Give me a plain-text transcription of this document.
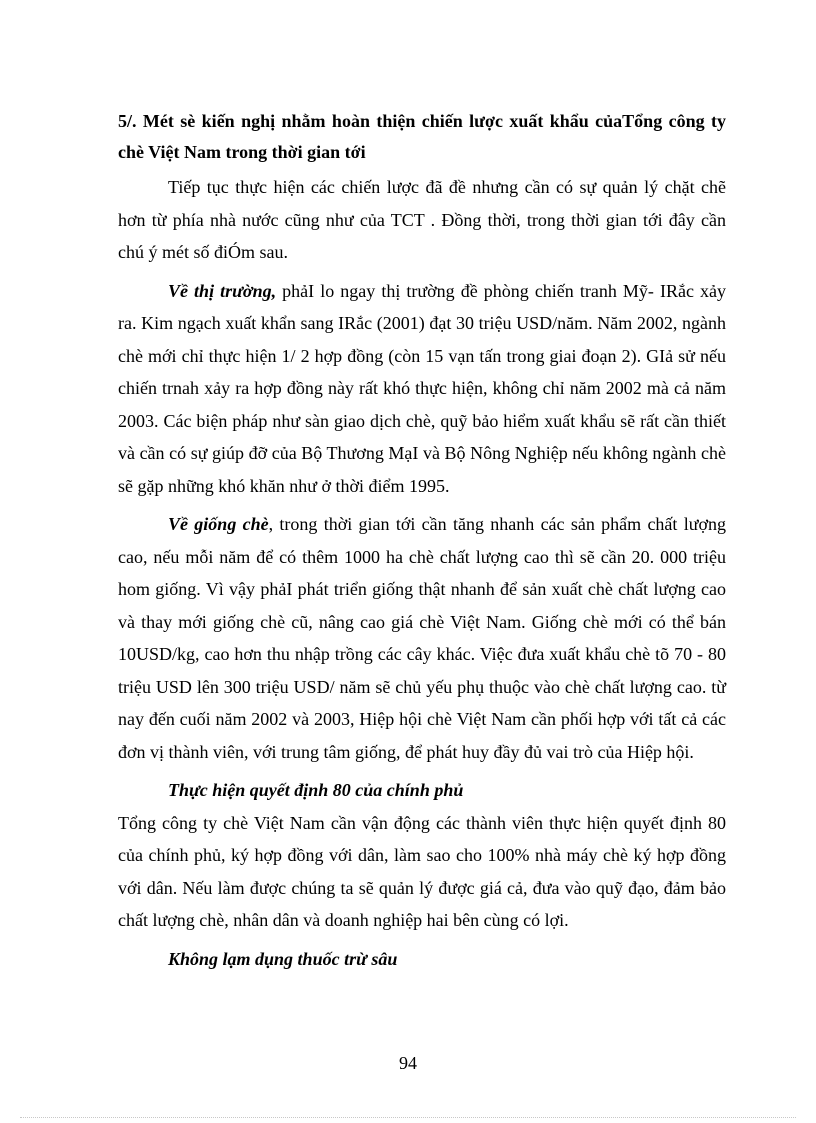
5/. Mét sè kiến nghị nhằm hoàn thiện chiến lược xuất khẩu củaTổng công ty chè Việt Nam trong thời gian tới

Tiếp tục thực hiện các chiến lược đã đề nhưng cần có sự quản lý chặt chẽ hơn từ phía nhà nước cũng như của TCT . Đồng thời, trong thời gian tới đây cần chú ý mét số điÓm sau.

Về thị trường, phảI lo ngay thị trường đề phòng chiến tranh Mỹ- IRắc xảy ra. Kim ngạch xuất khẩn sang IRắc (2001) đạt 30 triệu USD/năm. Năm 2002, ngành chè mới chỉ thực hiện 1/ 2 hợp đồng (còn 15 vạn tấn trong giai đoạn 2). GIả sử nếu chiến trnah xảy ra hợp đồng này rất khó thực hiện, không chỉ năm 2002 mà cả năm 2003. Các biện pháp như sàn giao dịch chè, quỹ bảo hiểm xuất khẩu sẽ rất cần thiết và cần có sự giúp đỡ của Bộ Thương MạI và Bộ Nông Nghiệp nếu không ngành chè sẽ gặp những khó khăn như ở thời điểm 1995.

Về giống chè, trong thời gian tới cần tăng nhanh các sản phẩm chất lượng cao, nếu mỗi năm để có thêm 1000 ha chè chất lượng cao thì sẽ cần 20. 000 triệu hom giống. Vì vậy phảI phát triển giống thật nhanh để sản xuất chè chất lượng cao và thay mới giống chè cũ, nâng cao giá chè Việt Nam. Giống chè mới có thể bán 10USD/kg, cao hơn thu nhập trồng các cây khác. Việc đưa xuất khẩu chè tõ 70 - 80 triệu USD lên 300 triệu USD/ năm sẽ chủ yếu phụ thuộc vào chè chất lượng cao. từ nay đến cuối năm 2002 và 2003, Hiệp hội chè Việt Nam cần phối hợp với tất cả các đơn vị thành viên, với trung tâm giống, để phát huy đầy đủ vai trò của Hiệp hội.

Thực hiện quyết định 80 của chính phủ

Tổng công ty chè Việt Nam cần vận động các thành viên thực hiện quyết định 80 của chính phủ, ký hợp đồng với dân, làm sao cho 100% nhà máy chè ký hợp đồng với dân. Nếu làm được chúng ta sẽ quản lý được giá cả, đưa vào quỹ đạo, đảm bảo chất lượng chè, nhân dân và doanh nghiệp hai bên cùng có lợi.

Không lạm dụng thuốc trừ sâu

94
